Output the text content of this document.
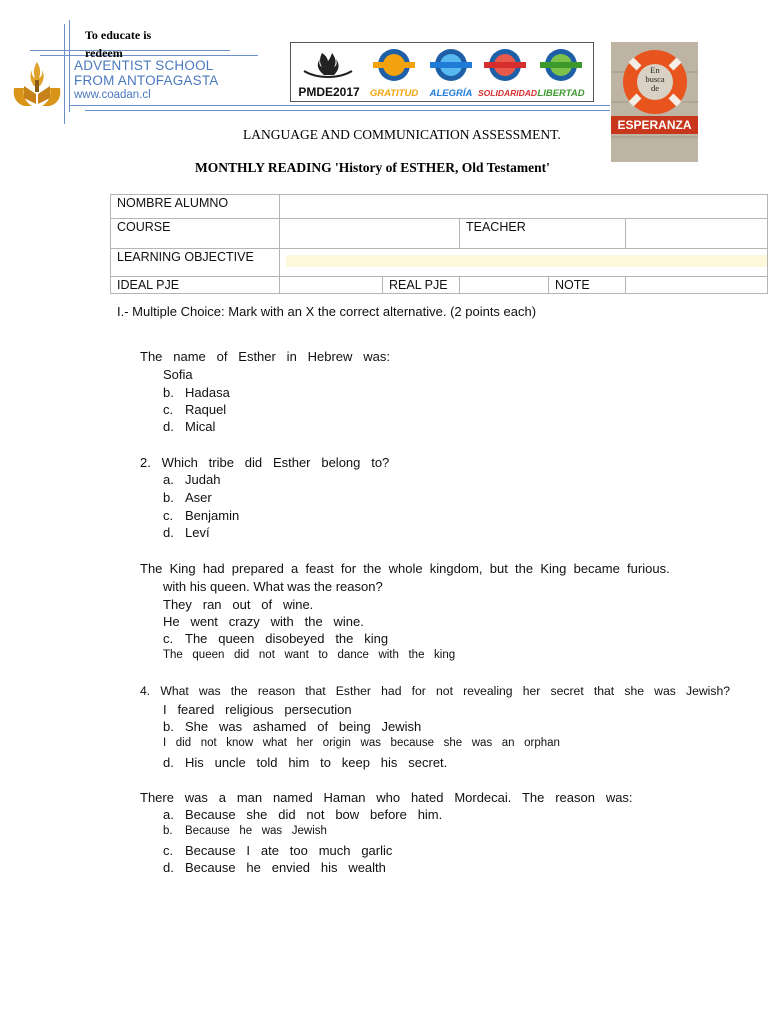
To educate is redeem
ADVENTIST SCHOOL
FROM ANTOFAGASTA
www.coadan.cl	PMDE2017	GRATITUD	ALEGRÍA SOLIDARIDAD LIBERTAD
En busca de
ESPERANZA
LANGUAGE AND COMMUNICATION ASSESSMENT.
MONTHLY READING 'History of ESTHER, Old Testament'
NOMBRE ALUMNO					
COURSE			TEACHER		
LEARNING OBJECTIVE					

IDEAL PJE		REAL PJE		NOTE	
I.- Multiple Choice: Mark with an X the correct alternative. (2 points each)
The   name   of   Esther   in   Hebrew   was:
Sofia
b. Hadasa
c. Raquel
d. Mical
2.   Which   tribe   did   Esther   belong   to?
a. Judah
b. Aser
c. Benjamin
d. Leví
The  King  had  prepared  a  feast  for  the  whole  kingdom,  but  the  King  became  furious.
with his queen. What was the reason?
They   ran   out   of   wine.
He   went   crazy   with   the   wine.
c. The   queen   disobeyed   the   king
The   queen   did   not   want   to   dance   with   the   king
4.   What   was   the   reason   that   Esther   had   for   not   revealing   her   secret   that   she   was   Jewish?
I   feared   religious   persecution
b. She   was   ashamed   of   being   Jewish
I   did   not   know   what   her   origin   was   because   she   was   an   orphan
d. His   uncle   told   him   to   keep   his   secret.
There   was   a   man   named   Haman   who   hated   Mordecai.   The   reason   was:
a. Because   she   did   not   bow   before   him.
b. Because   he   was   Jewish
c. Because   I   ate   too   much   garlic
d. Because   he   envied   his   wealth
